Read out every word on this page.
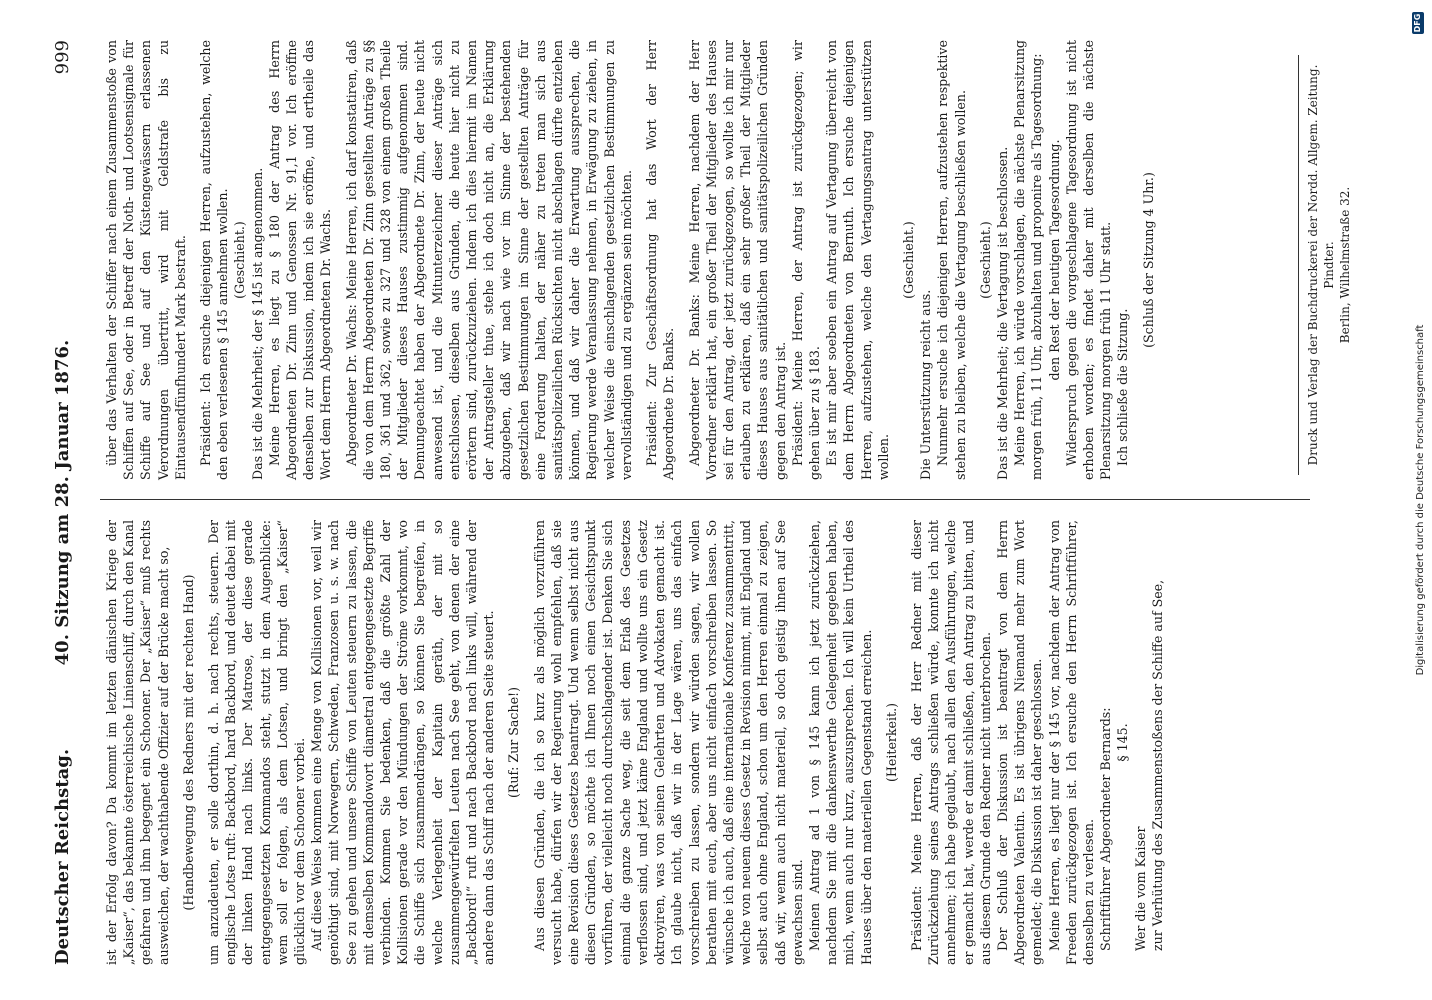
Deutscher Reichstag.
40. Sitzung am 28. Januar 1876.
999

ist der Erfolg davon? Da kommt im letzten dänischen Kriege der „Kaiser“, das bekannte österreichische Linienschiff, durch den Kanal gefahren und ihm begegnet ein Schooner. Der „Kaiser“ muß rechts ausweichen, der wachthabende Offizier auf der Brücke macht so, (Handbewegung des Redners mit der rechten Hand) um anzudeuten, er solle dorthin, d. h. nach rechts, steuern. Der englische Lotse ruft: Backbord, hard Backbord, und deutet dabei mit der linken Hand nach links. Der Matrose, der diese gerade entgegengesetzten Kommandos steht, stutzt in dem Augenblicke: wem soll er folgen, als dem Lotsen, und bringt den „Kaiser“ glücklich vor dem Schooner vorbei. Auf diese Weise kommen eine Menge von Kollisionen vor, weil wir genöthigt sind, mit Norwegern, Schweden, Franzosen u. s. w. nach See zu gehen und unsere Schiffe von Leuten steuern zu lassen, die mit demselben Kommandowort diametral entgegengesetzte Begriffe verbinden. Kommen Sie bedenken, daß die größte Zahl der Kollisionen gerade vor den Mündungen der Ströme vorkommt, wo die Schiffe sich zusammendrängen, so können Sie begreifen, in welche Verlegenheit der Kapitain geräth, der mit so zusammengewürfelten Leuten nach See geht, von denen der eine „Backbord!“ ruft und nach Backbord nach links will, während der andere dann das Schiff nach der anderen Seite steuert. (Ruf: Zur Sache!) Aus diesen Gründen, die ich so kurz als möglich vorzuführen versucht habe, dürfen wir der Regierung wohl empfehlen, daß sie eine Revision dieses Gesetzes beantragt. Und wenn selbst nicht aus diesen Gründen, so möchte ich Ihnen noch einen Gesichtspunkt vorführen, der vielleicht noch durchschlagender ist. Denken Sie sich einmal die ganze Sache weg, die seit dem Erlaß des Gesetzes verflossen sind, und jetzt käme England und wollte uns ein Gesetz oktroyiren, was von seinen Gelehrten und Advokaten gemacht ist. Ich glaube nicht, daß wir in der Lage wären, uns das einfach vorschreiben zu lassen, sondern wir würden sagen, wir wollen berathen mit euch, aber uns nicht einfach vorschreiben lassen. So wünsche ich auch, daß eine internationale Konferenz zusammentritt, welche von neuem dieses Gesetz in Revision nimmt, mit England und selbst auch ohne England, schon um den Herren einmal zu zeigen, daß wir, wenn auch nicht materiell, so doch geistig ihnen auf See gewachsen sind. Meinen Antrag ad 1 von § 145 kann ich jetzt zurückziehen, nachdem Sie mit die dankenswerthe Gelegenheit gegeben haben, mich, wenn auch nur kurz, auszusprechen. Ich will kein Urtheil des Hauses über den materiellen Gegenstand erreichen. (Heiterkeit.) Präsident: Meine Herren, daß der Herr Redner mit dieser Zurückziehung seines Antrags schließen würde, konnte ich nicht annehmen; ich habe geglaubt, nach allen den Ausführungen, welche er gemacht hat, werde er damit schließen, den Antrag zu bitten, und aus diesem Grunde den Redner nicht unterbrochen. Der Schluß der Diskussion ist beantragt von dem Herrn Abgeordneten Valentin. Es ist übrigens Niemand mehr zum Wort gemeldet; die Diskussion ist daher geschlossen. Meine Herren, es liegt nur der § 145 vor, nachdem der Antrag von Freeden zurückgezogen ist. Ich ersuche den Herrn Schriftführer, denselben zu verlesen. Schriftführer Abgeordneter Bernards: § 145.

Wer die vom Kaiser zur Verhütung des Zusammenstoßens der Schiffe auf See,

über das Verhalten der Schiffer nach einem Zusammenstoße von Schiffen auf See, oder in Betreff der Noth- und Lootsensignale für Schiffe auf See und auf den Küstengewässern erlassenen Verordnungen übertritt, wird mit Geldstrafe bis zu Eintausendfünfhundert Mark bestraft. Präsident: Ich ersuche diejenigen Herren, aufzustehen, welche den eben verlesenen § 145 annehmen wollen. (Geschieht.) Das ist die Mehrheit; der § 145 ist angenommen. Meine Herren, es liegt zu § 180 der Antrag des Herrn Abgeordneten Dr. Zinn und Genossen Nr. 91,1 vor. Ich eröffne denselben zur Diskussion, indem ich sie eröffne, und ertheile das Wort dem Herrn Abgeordneten Dr. Wachs. Abgeordneter Dr. Wachs: Meine Herren, ich darf konstatiren, daß die von dem Herrn Abgeordneten Dr. Zinn gestellten Anträge zu §§ 180, 361 und 362, sowie zu 327 und 328 von einem großen Theile der Mitglieder dieses Hauses zustimmig aufgenommen sind. Demungeachtet haben der Abgeordnete Dr. Zinn, der heute nicht anwesend ist, und die Mitunterzeichner dieser Anträge sich entschlossen, dieselben aus Gründen, die heute hier nicht zu erörtern sind, zurückzuziehen. Indem ich dies hiermit im Namen der Antragsteller thue, stehe ich doch nicht an, die Erklärung abzugeben, daß wir nach wie vor im Sinne der bestehenden gesetzlichen Bestimmungen im Sinne der gestellten Anträge für eine Forderung halten, der näher zu treten man sich aus sanitätspolizeilichen Rücksichten nicht abschlagen dürfte entziehen können, und daß wir daher die Erwartung aussprechen, die Regierung werde Veranlassung nehmen, in Erwägung zu ziehen, in welcher Weise die einschlagenden gesetzlichen Bestimmungen zu vervollständigen und zu ergänzen sein möchten. Präsident: Zur Geschäftsordnung hat das Wort der Herr Abgeordnete Dr. Banks. Abgeordneter Dr. Banks: Meine Herren, nachdem der Herr Vorredner erklärt hat, ein großer Theil der Mitglieder des Hauses sei für den Antrag, der jetzt zurückgezogen, so wollte ich mir nur erlauben zu erklären, daß ein sehr großer Theil der Mitglieder dieses Hauses aus sanitätlichen und sanitätspolizeilichen Gründen gegen den Antrag ist. Präsident: Meine Herren, der Antrag ist zurückgezogen; wir gehen über zu § 183. Es ist mir aber soeben ein Antrag auf Vertagung überreicht von dem Herrn Abgeordneten von Bernuth. Ich ersuche diejenigen Herren, aufzustehen, welche den Vertagungsantrag unterstützen wollen.

(Geschieht.)

Die Unterstützung reicht aus. Nunmehr ersuche ich diejenigen Herren, aufzustehen respektive stehen zu bleiben, welche die Vertagung beschließen wollen. (Geschieht.) Das ist die Mehrheit; die Vertagung ist beschlossen. Meine Herren, ich würde vorschlagen, die nächste Plenarsitzung morgen früh, 11 Uhr, abzuhalten und proponire als Tagesordnung: den Rest der heutigen Tagesordnung. Widerspruch gegen die vorgeschlagene Tagesordnung ist nicht erhoben worden; es findet daher mit derselben die nächste Plenarsitzung morgen früh 11 Uhr statt. Ich schließe die Sitzung.

(Schluß der Sitzung 4 Uhr.)	Druck und Verlag der Buchdruckerei der Nordd. Allgem. Zeitung. Pindter. Berlin, Wilhelmstraße 32.
Digitalisierung gefördert durch die Deutsche Forschungsgemeinschaft
DFG
